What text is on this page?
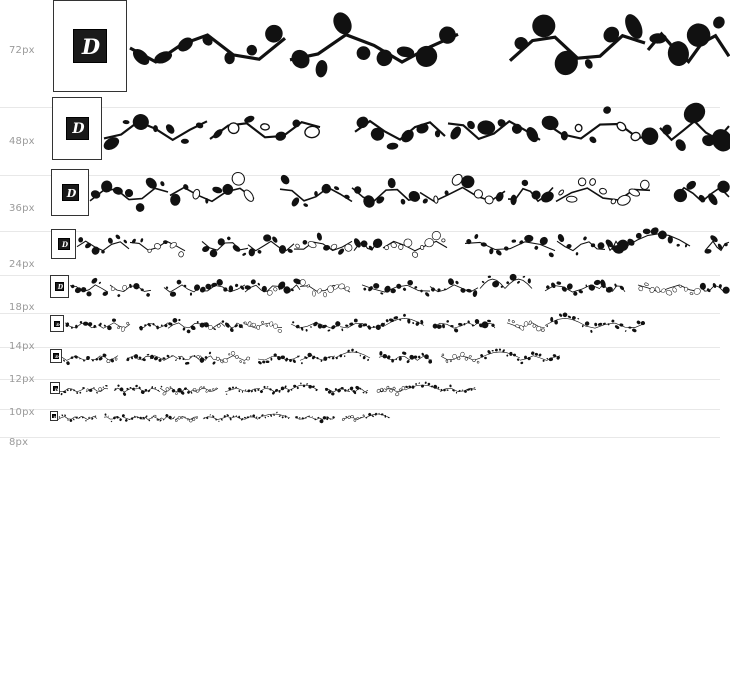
72px	D
48px
D
36px
D
24px
D
18px
D
14px
D
12px
D
10px
D
8px
D
